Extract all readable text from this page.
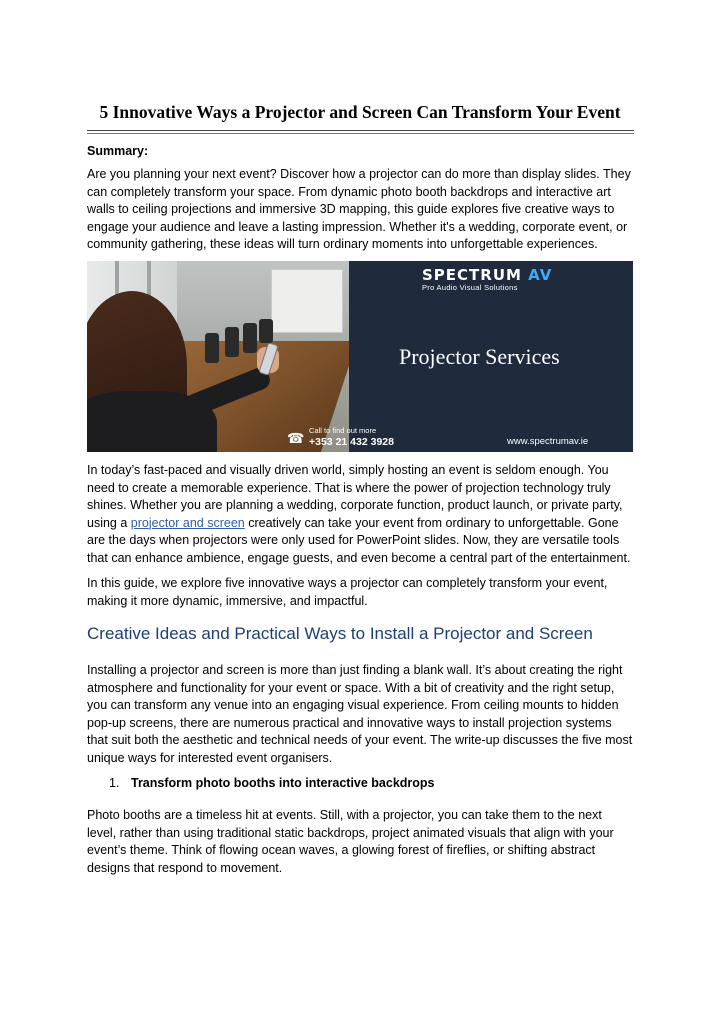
5 Innovative Ways a Projector and Screen Can Transform Your Event
Summary:

Are you planning your next event? Discover how a projector can do more than display slides. They can completely transform your space. From dynamic photo booth backdrops and interactive art walls to ceiling projections and immersive 3D mapping, this guide explores five creative ways to engage your audience and leave a lasting impression. Whether it's a wedding, corporate event, or community gathering, these ideas will turn ordinary moments into unforgettable experiences.

SPECTRUM AV
Pro Audio Visual Solutions
Projector Services
☎ Call to find out more
+353 21 432 3928	www.spectrumav.ie

In today’s fast-paced and visually driven world, simply hosting an event is seldom enough. You need to create a memorable experience. That is where the power of projection technology truly shines. Whether you are planning a wedding, corporate function, product launch, or private party, using a projector and screen creatively can take your event from ordinary to unforgettable. Gone are the days when projectors were only used for PowerPoint slides. Now, they are versatile tools that can enhance ambience, engage guests, and even become a central part of the entertainment.

In this guide, we explore five innovative ways a projector can completely transform your event, making it more dynamic, immersive, and impactful.

Creative Ideas and Practical Ways to Install a Projector and Screen

Installing a projector and screen is more than just finding a blank wall. It’s about creating the right atmosphere and functionality for your event or space. With a bit of creativity and the right setup, you can transform any venue into an engaging visual experience. From ceiling mounts to hidden pop-up screens, there are numerous practical and innovative ways to install projection systems that suit both the aesthetic and technical needs of your event. The write-up discusses the five most unique ways for interested event organisers.

1. Transform photo booths into interactive backdrops

Photo booths are a timeless hit at events. Still, with a projector, you can take them to the next level, rather than using traditional static backdrops, project animated visuals that align with your event’s theme. Think of flowing ocean waves, a glowing forest of fireflies, or shifting abstract designs that respond to movement.
